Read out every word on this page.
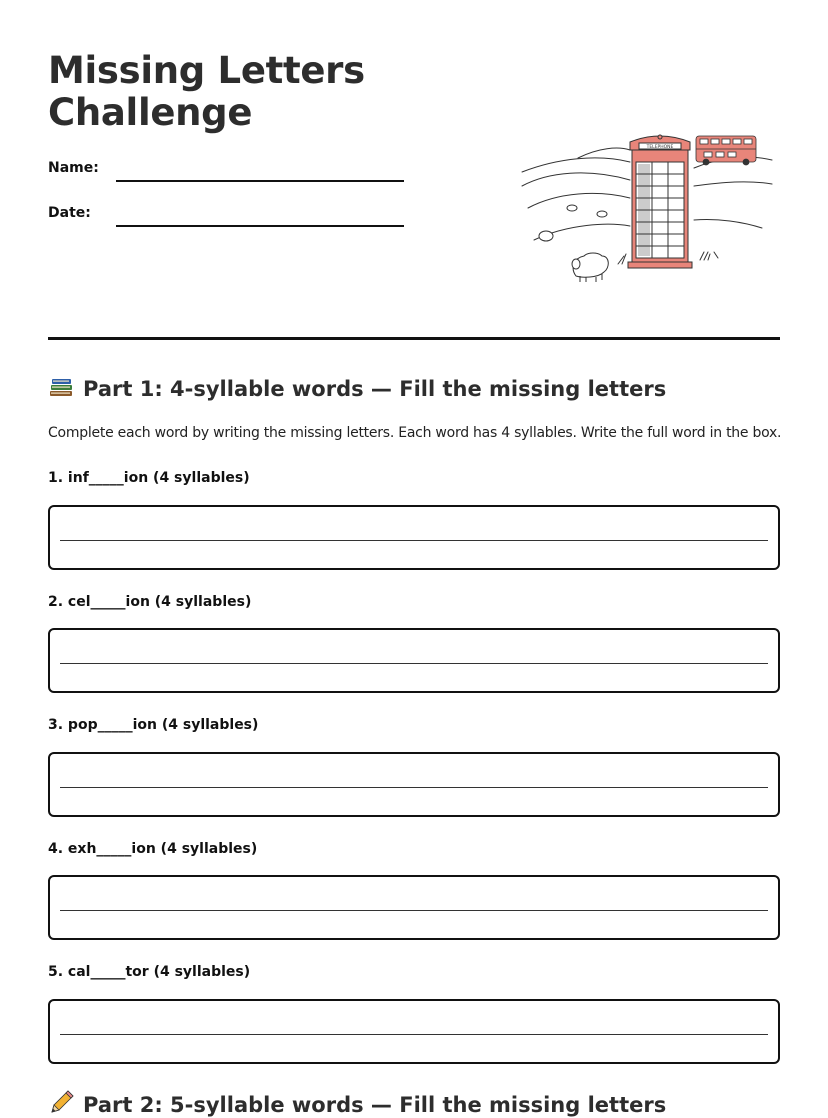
Missing Letters
Challenge
Name:
Date:
TELEPHONE
Part 1: 4-syllable words — Fill the missing letters

Complete each word by writing the missing letters. Each word has 4 syllables. Write the full word in the box.

1. inf_____ion (4 syllables)
2. cel_____ion (4 syllables)
3. pop_____ion (4 syllables)
4. exh_____ion (4 syllables)
5. cal_____tor (4 syllables)
Part 2: 5-syllable words — Fill the missing letters
